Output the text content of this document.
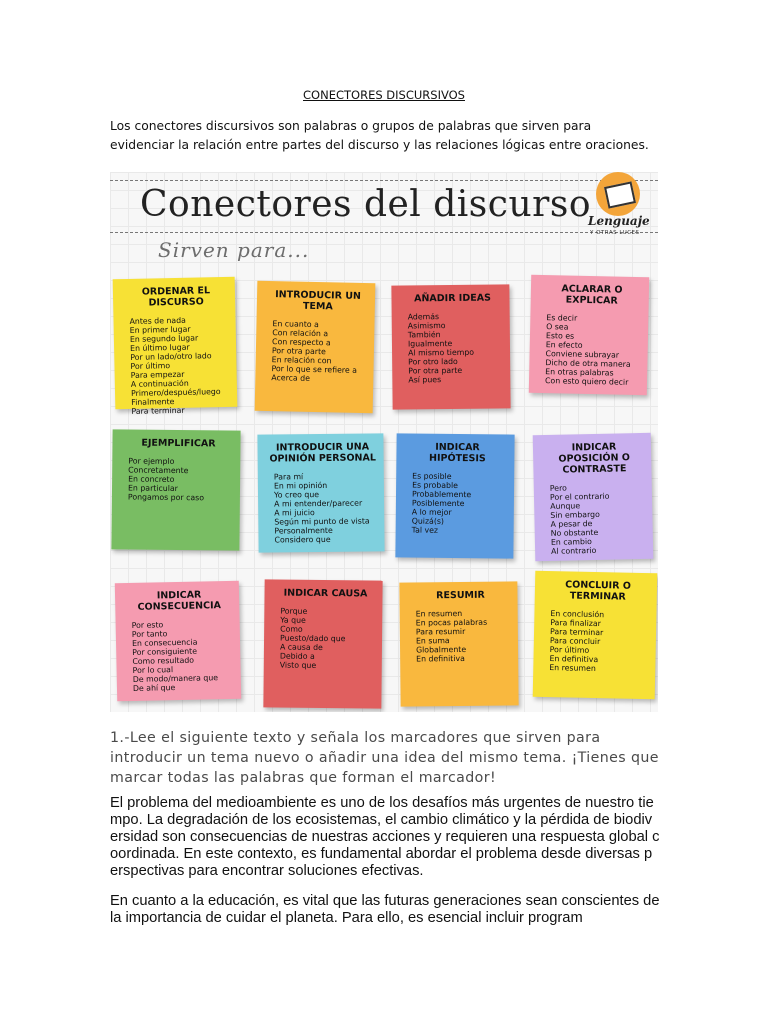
CONECTORES DISCURSIVOS
Los conectores discursivos son palabras o grupos de palabras que sirven para evidenciar la relación entre partes del discurso y las relaciones lógicas entre oraciones.
Conectores del discurso
Sirven para...
Lenguaje
Y OTRAS LUCES
ORDENAR EL DISCURSO
Antes de nada
En primer lugar
En segundo lugar
En último lugar
Por un lado/otro lado
Por último
Para empezar
A continuación
Primero/después/luego
Finalmente
Para terminar
INTRODUCIR UN TEMA
En cuanto a
Con relación a
Con respecto a
Por otra parte
En relación con
Por lo que se refiere a
Acerca de
AÑADIR IDEAS
Además
Asimismo
También
Igualmente
Al mismo tiempo
Por otro lado
Por otra parte
Así pues
ACLARAR O EXPLICAR
Es decir
O sea
Esto es
En efecto
Conviene subrayar
Dicho de otra manera
En otras palabras
Con esto quiero decir
EJEMPLIFICAR
Por ejemplo
Concretamente
En concreto
En particular
Pongamos por caso
INTRODUCIR UNA OPINIÓN PERSONAL
Para mí
En mi opinión
Yo creo que
A mi entender/parecer
A mi juicio
Según mi punto de vista
Personalmente
Considero que
INDICAR HIPÓTESIS
Es posible
Es probable
Probablemente
Posiblemente
A lo mejor
Quizá(s)
Tal vez
INDICAR OPOSICIÓN O CONTRASTE
Pero
Por el contrario
Aunque
Sin embargo
A pesar de
No obstante
En cambio
Al contrario
INDICAR CONSECUENCIA
Por esto
Por tanto
En consecuencia
Por consiguiente
Como resultado
Por lo cual
De modo/manera que
De ahí que
INDICAR CAUSA
Porque
Ya que
Como
Puesto/dado que
A causa de
Debido a
Visto que
RESUMIR
En resumen
En pocas palabras
Para resumir
En suma
Globalmente
En definitiva
CONCLUIR O TERMINAR
En conclusión
Para finalizar
Para terminar
Para concluir
Por último
En definitiva
En resumen
1.-Lee el siguiente texto y señala los marcadores que sirven para introducir un tema nuevo o añadir una idea del mismo tema. ¡Tienes que marcar todas las palabras que forman el marcador!
El problema del medioambiente es uno de los desafíos más urgentes de nuestro tiempo. La degradación de los ecosistemas, el cambio climático y la pérdida de biodiversidad son consecuencias de nuestras acciones y requieren una respuesta global coordinada. En este contexto, es fundamental abordar el problema desde diversas perspectivas para encontrar soluciones efectivas.
En cuanto a la educación, es vital que las futuras generaciones sean conscientes de la importancia de cuidar el planeta. Para ello, es esencial incluir program
